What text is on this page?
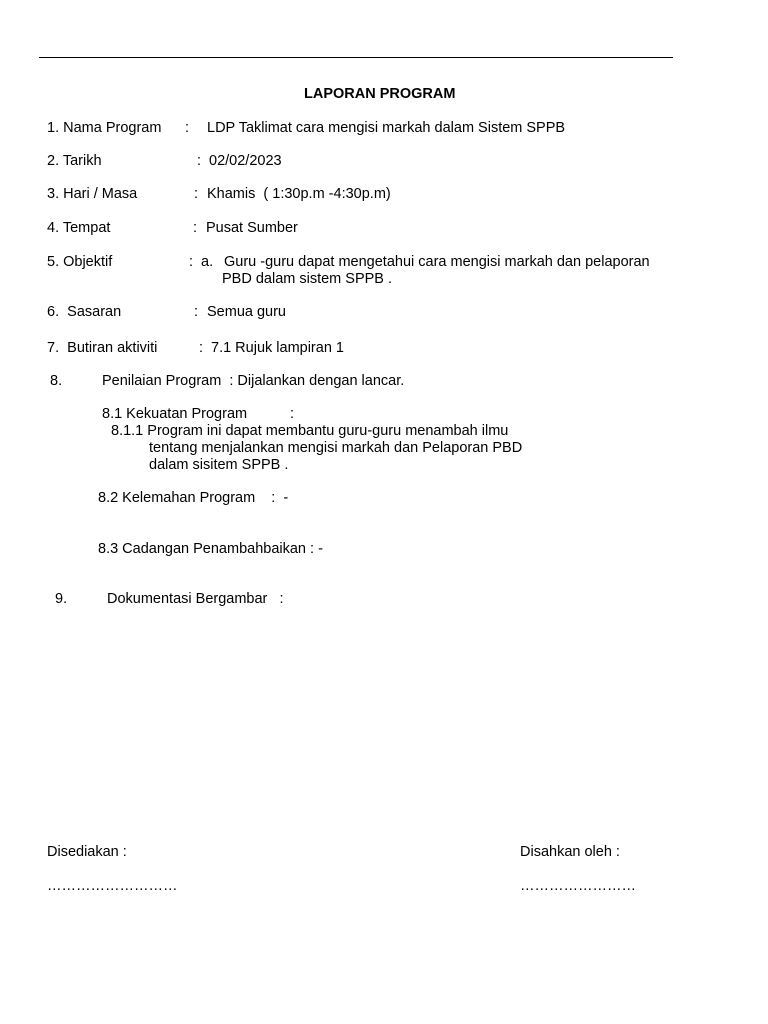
LAPORAN PROGRAM
1. Nama Program : LDP Taklimat cara mengisi markah dalam Sistem SPPB
2. Tarikh	: 02/02/2023
3. Hari / Masa	: Khamis  ( 1:30p.m -4:30p.m)
4. Tempat	: Pusat Sumber
5. Objektif	: a. Guru -guru dapat mengetahui cara mengisi markah dan pelaporan
PBD dalam sistem SPPB .
6.  Sasaran	: Semua guru
7.  Butiran aktiviti	: 7.1 Rujuk lampiran 1
8.	Penilaian Program  : Dijalankan dengan lancar.
8.1 Kekuatan Program	:
8.1.1 Program ini dapat membantu guru-guru menambah ilmu
tentang menjalankan mengisi markah dan Pelaporan PBD
dalam sisitem SPPB .
8.2 Kelemahan Program    :  -
8.3 Cadangan Penambahbaikan : -
9.	Dokumentasi Bergambar   :
Disediakan :
………………………
Disahkan oleh :
……………………
